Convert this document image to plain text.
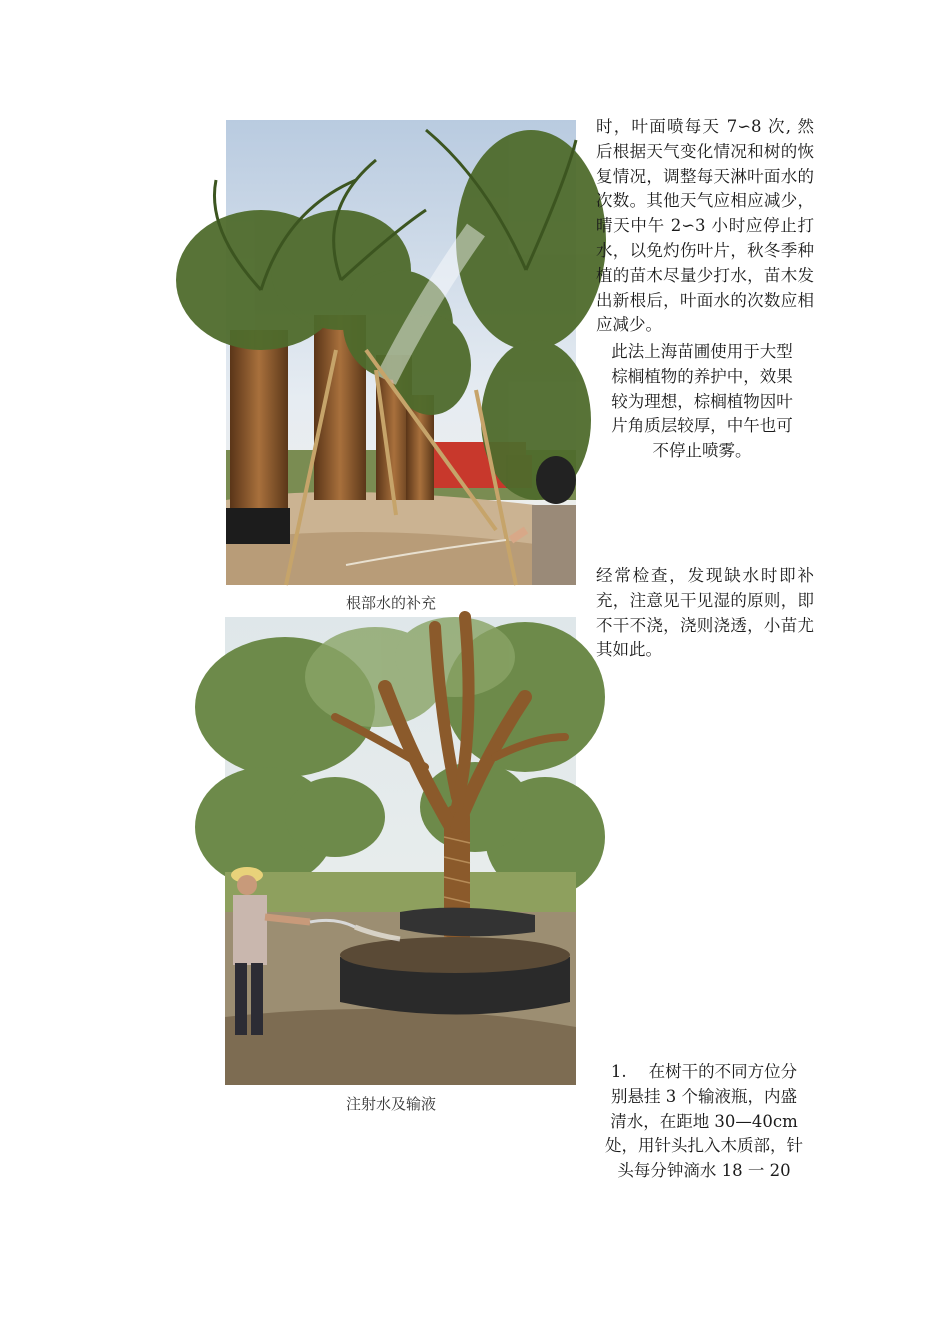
根部水的补充
注射水及输液

时，叶面喷每天 7∽8 次, 然后根据天气变化情况和树的恢复情况，调整每天淋叶面水的次数。其他天气应相应减少，晴天中午 2∽3 小时应停止打水，以免灼伤叶片，秋冬季种植的苗木尽量少打水，苗木发出新根后，叶面水的次数应相应减少。

此法上海苗圃使用于大型棕榈植物的养护中，效果较为理想，棕榈植物因叶片角质层较厚，中午也可不停止喷雾。

经常检查，发现缺水时即补充，注意见干见湿的原则，即不干不浇，浇则浇透，小苗尤其如此。

1. 在树干的不同方位分别悬挂 3 个输液瓶，内盛清水，在距地 30—40cm 处，用针头扎入木质部，针头每分钟滴水 18 一 20
